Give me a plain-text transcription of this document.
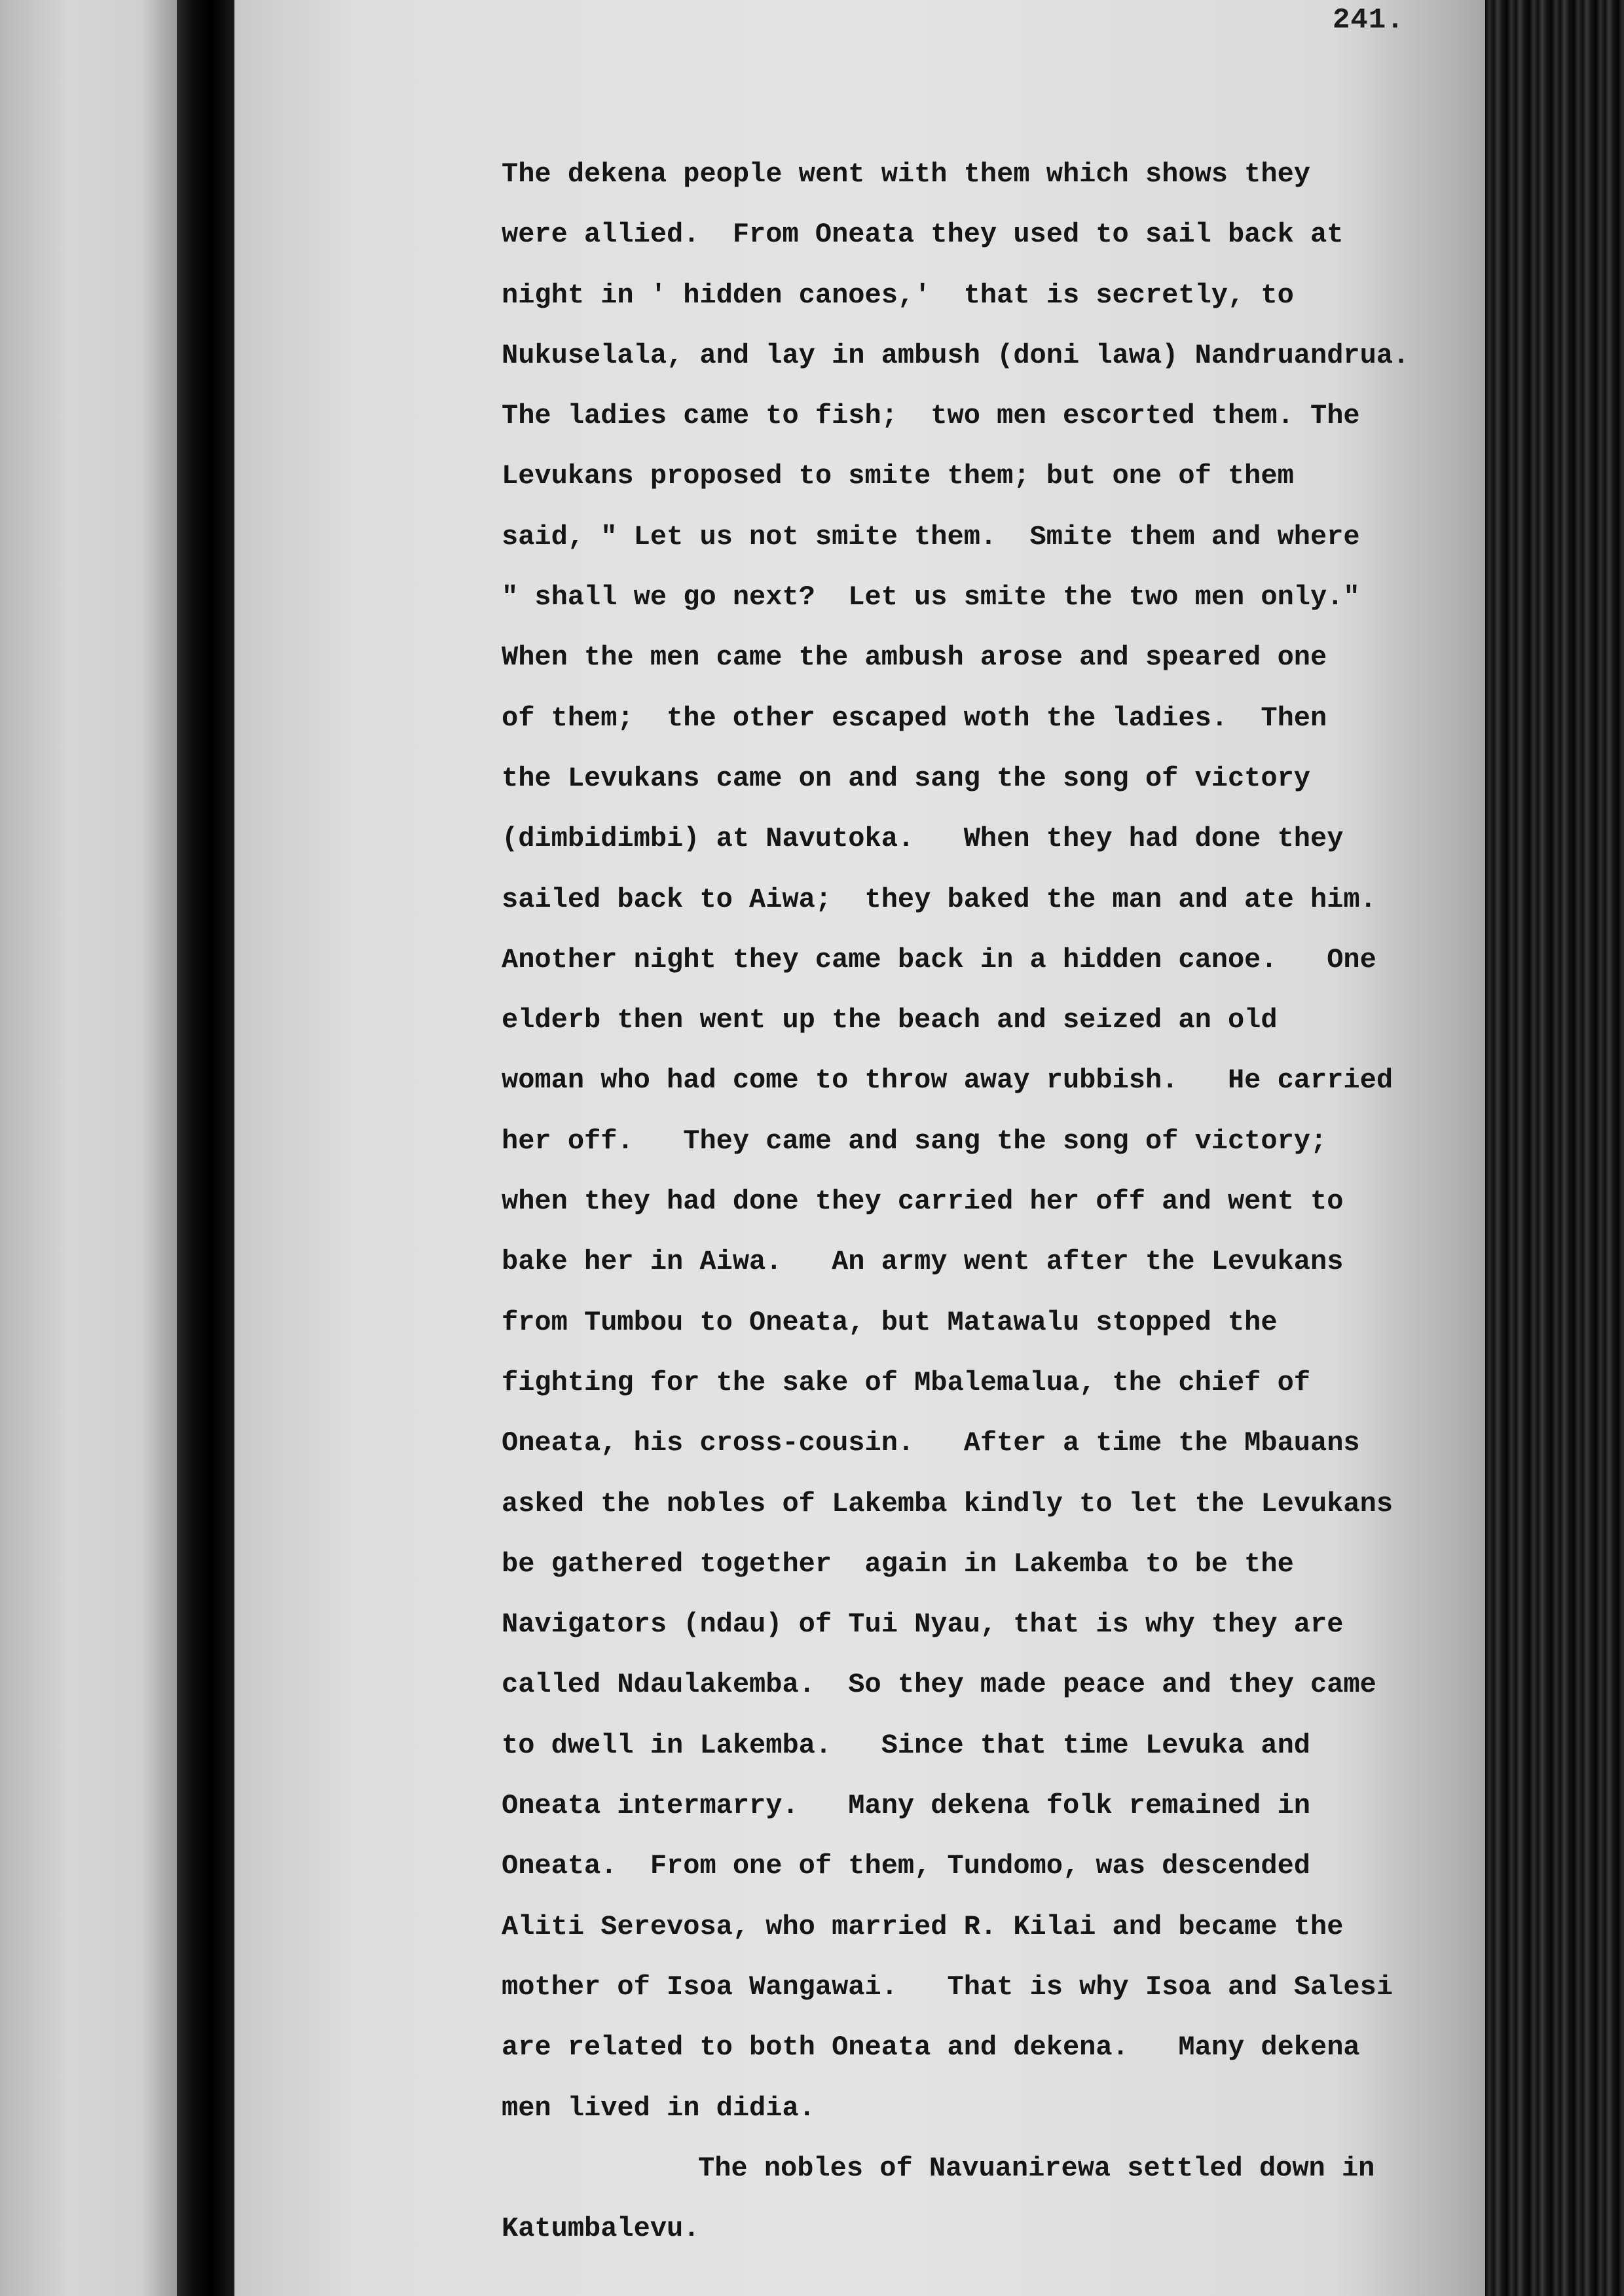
241.
The dekena people went with them which shows they
were allied.  From Oneata they used to sail back at
night in ' hidden canoes,'  that is secretly, to
Nukuselala, and lay in ambush (doni lawa) Nandruandrua.
The ladies came to fish;  two men escorted them. The
Levukans proposed to smite them; but one of them
said, " Let us not smite them.  Smite them and where
" shall we go next?  Let us smite the two men only."
When the men came the ambush arose and speared one
of them;  the other escaped woth the ladies.  Then
the Levukans came on and sang the song of victory
(dimbidimbi) at Navutoka.   When they had done they
sailed back to Aiwa;  they baked the man and ate him.
Another night they came back in a hidden canoe.   One
elderb then went up the beach and seized an old
woman who had come to throw away rubbish.   He carried
her off.   They came and sang the song of victory;
when they had done they carried her off and went to
bake her in Aiwa.   An army went after the Levukans
from Tumbou to Oneata, but Matawalu stopped the
fighting for the sake of Mbalemalua, the chief of
Oneata, his cross-cousin.   After a time the Mbauans
asked the nobles of Lakemba kindly to let the Levukans
be gathered together  again in Lakemba to be the
Navigators (ndau) of Tui Nyau, that is why they are
called Ndaulakemba.  So they made peace and they came
to dwell in Lakemba.   Since that time Levuka and
Oneata intermarry.   Many dekena folk remained in
Oneata.  From one of them, Tundomo, was descended
Aliti Serevosa, who married R. Kilai and became the
mother of Isoa Wangawai.   That is why Isoa and Salesi
are related to both Oneata and dekena.   Many dekena
men lived in didia.
The nobles of Navuanirewa settled down in
Katumbalevu.
